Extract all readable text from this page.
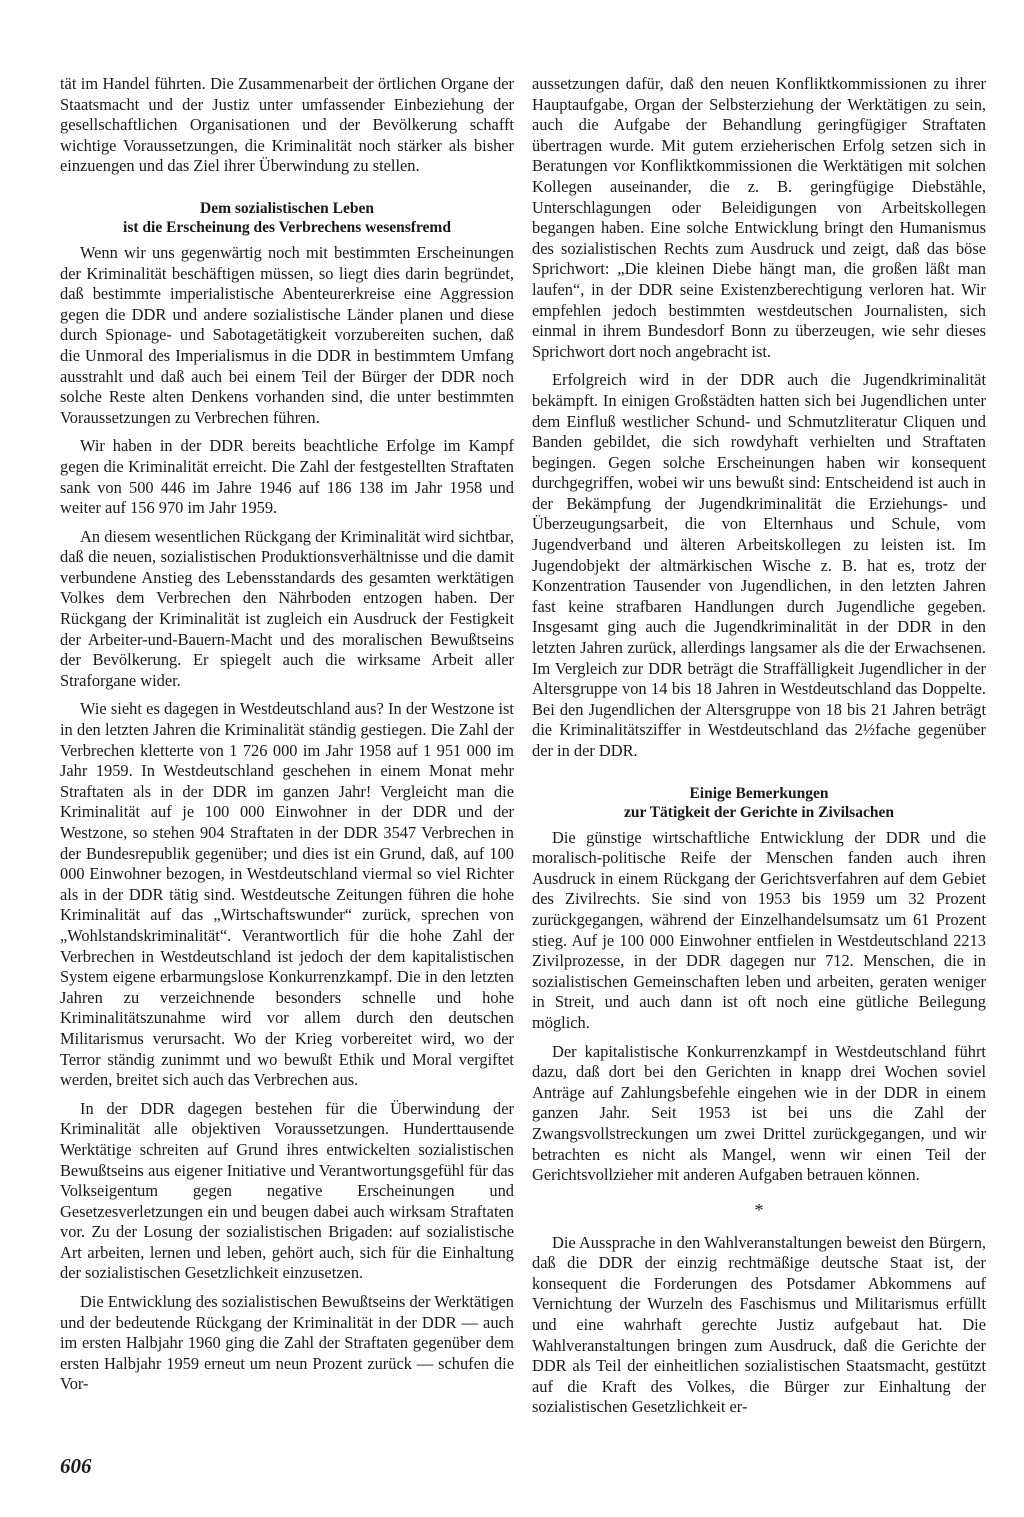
tät im Handel führten. Die Zusammenarbeit der örtlichen Organe der Staatsmacht und der Justiz unter umfassender Einbeziehung der gesellschaftlichen Organisationen und der Bevölkerung schafft wichtige Voraussetzungen, die Kriminalität noch stärker als bisher einzuengen und das Ziel ihrer Überwindung zu stellen.

Dem sozialistischen Leben
ist die Erscheinung des Verbrechens wesensfremd

Wenn wir uns gegenwärtig noch mit bestimmten Erscheinungen der Kriminalität beschäftigen müssen, so liegt dies darin begründet, daß bestimmte imperialistische Abenteurerkreise eine Aggression gegen die DDR und andere sozialistische Länder planen und diese durch Spionage- und Sabotagetätigkeit vorzubereiten suchen, daß die Unmoral des Imperialismus in die DDR in bestimmtem Umfang ausstrahlt und daß auch bei einem Teil der Bürger der DDR noch solche Reste alten Denkens vorhanden sind, die unter bestimmten Voraussetzungen zu Verbrechen führen.

Wir haben in der DDR bereits beachtliche Erfolge im Kampf gegen die Kriminalität erreicht. Die Zahl der festgestellten Straftaten sank von 500 446 im Jahre 1946 auf 186 138 im Jahr 1958 und weiter auf 156 970 im Jahr 1959.

An diesem wesentlichen Rückgang der Kriminalität wird sichtbar, daß die neuen, sozialistischen Produktionsverhältnisse und die damit verbundene Anstieg des Lebensstandards des gesamten werktätigen Volkes dem Verbrechen den Nährboden entzogen haben. Der Rückgang der Kriminalität ist zugleich ein Ausdruck der Festigkeit der Arbeiter-und-Bauern-Macht und des moralischen Bewußtseins der Bevölkerung. Er spiegelt auch die wirksame Arbeit aller Straforgane wider.

Wie sieht es dagegen in Westdeutschland aus? In der Westzone ist in den letzten Jahren die Kriminalität ständig gestiegen. Die Zahl der Verbrechen kletterte von 1 726 000 im Jahr 1958 auf 1 951 000 im Jahr 1959. In Westdeutschland geschehen in einem Monat mehr Straftaten als in der DDR im ganzen Jahr! Vergleicht man die Kriminalität auf je 100 000 Einwohner in der DDR und der Westzone, so stehen 904 Straftaten in der DDR 3547 Verbrechen in der Bundesrepublik gegenüber; und dies ist ein Grund, daß, auf 100 000 Einwohner bezogen, in Westdeutschland viermal so viel Richter als in der DDR tätig sind. Westdeutsche Zeitungen führen die hohe Kriminalität auf das „Wirtschaftswunder“ zurück, sprechen von „Wohlstandskriminalität“. Verantwortlich für die hohe Zahl der Verbrechen in Westdeutschland ist jedoch der dem kapitalistischen System eigene erbarmungslose Konkurrenzkampf. Die in den letzten Jahren zu verzeichnende besonders schnelle und hohe Kriminalitätszunahme wird vor allem durch den deutschen Militarismus verursacht. Wo der Krieg vorbereitet wird, wo der Terror ständig zunimmt und wo bewußt Ethik und Moral vergiftet werden, breitet sich auch das Verbrechen aus.

In der DDR dagegen bestehen für die Überwindung der Kriminalität alle objektiven Voraussetzungen. Hunderttausende Werktätige schreiten auf Grund ihres entwickelten sozialistischen Bewußtseins aus eigener Initiative und Verantwortungsgefühl für das Volkseigentum gegen negative Erscheinungen und Gesetzesverletzungen ein und beugen dabei auch wirksam Straftaten vor. Zu der Losung der sozialistischen Brigaden: auf sozialistische Art arbeiten, lernen und leben, gehört auch, sich für die Einhaltung der sozialistischen Gesetzlichkeit einzusetzen.

Die Entwicklung des sozialistischen Bewußtseins der Werktätigen und der bedeutende Rückgang der Kriminalität in der DDR — auch im ersten Halbjahr 1960 ging die Zahl der Straftaten gegenüber dem ersten Halbjahr 1959 erneut um neun Prozent zurück — schufen die Vor-

aussetzungen dafür, daß den neuen Konfliktkommissionen zu ihrer Hauptaufgabe, Organ der Selbsterziehung der Werktätigen zu sein, auch die Aufgabe der Behandlung geringfügiger Straftaten übertragen wurde. Mit gutem erzieherischen Erfolg setzen sich in Beratungen vor Konfliktkommissionen die Werktätigen mit solchen Kollegen auseinander, die z. B. geringfügige Diebstähle, Unterschlagungen oder Beleidigungen von Arbeitskollegen begangen haben. Eine solche Entwicklung bringt den Humanismus des sozialistischen Rechts zum Ausdruck und zeigt, daß das böse Sprichwort: „Die kleinen Diebe hängt man, die großen läßt man laufen“, in der DDR seine Existenzberechtigung verloren hat. Wir empfehlen jedoch bestimmten westdeutschen Journalisten, sich einmal in ihrem Bundesdorf Bonn zu überzeugen, wie sehr dieses Sprichwort dort noch angebracht ist.

Erfolgreich wird in der DDR auch die Jugendkriminalität bekämpft. In einigen Großstädten hatten sich bei Jugendlichen unter dem Einfluß westlicher Schund- und Schmutzliteratur Cliquen und Banden gebildet, die sich rowdyhaft verhielten und Straftaten begingen. Gegen solche Erscheinungen haben wir konsequent durchgegriffen, wobei wir uns bewußt sind: Entscheidend ist auch in der Bekämpfung der Jugendkriminalität die Erziehungs- und Überzeugungsarbeit, die von Elternhaus und Schule, vom Jugendverband und älteren Arbeitskollegen zu leisten ist. Im Jugendobjekt der altmärkischen Wische z. B. hat es, trotz der Konzentration Tausender von Jugendlichen, in den letzten Jahren fast keine strafbaren Handlungen durch Jugendliche gegeben. Insgesamt ging auch die Jugendkriminalität in der DDR in den letzten Jahren zurück, allerdings langsamer als die der Erwachsenen. Im Vergleich zur DDR beträgt die Straffälligkeit Jugendlicher in der Altersgruppe von 14 bis 18 Jahren in Westdeutschland das Doppelte. Bei den Jugendlichen der Altersgruppe von 18 bis 21 Jahren beträgt die Kriminalitätsziffer in Westdeutschland das 2½fache gegenüber der in der DDR.

Einige Bemerkungen
zur Tätigkeit der Gerichte in Zivilsachen

Die günstige wirtschaftliche Entwicklung der DDR und die moralisch-politische Reife der Menschen fanden auch ihren Ausdruck in einem Rückgang der Gerichtsverfahren auf dem Gebiet des Zivilrechts. Sie sind von 1953 bis 1959 um 32 Prozent zurückgegangen, während der Einzelhandelsumsatz um 61 Prozent stieg. Auf je 100 000 Einwohner entfielen in Westdeutschland 2213 Zivilprozesse, in der DDR dagegen nur 712. Menschen, die in sozialistischen Gemeinschaften leben und arbeiten, geraten weniger in Streit, und auch dann ist oft noch eine gütliche Beilegung möglich.

Der kapitalistische Konkurrenzkampf in Westdeutschland führt dazu, daß dort bei den Gerichten in knapp drei Wochen soviel Anträge auf Zahlungsbefehle eingehen wie in der DDR in einem ganzen Jahr. Seit 1953 ist bei uns die Zahl der Zwangsvollstreckungen um zwei Drittel zurückgegangen, und wir betrachten es nicht als Mangel, wenn wir einen Teil der Gerichtsvollzieher mit anderen Aufgaben betrauen können.

*

Die Aussprache in den Wahlveranstaltungen beweist den Bürgern, daß die DDR der einzig rechtmäßige deutsche Staat ist, der konsequent die Forderungen des Potsdamer Abkommens auf Vernichtung der Wurzeln des Faschismus und Militarismus erfüllt und eine wahrhaft gerechte Justiz aufgebaut hat. Die Wahlveranstaltungen bringen zum Ausdruck, daß die Gerichte der DDR als Teil der einheitlichen sozialistischen Staatsmacht, gestützt auf die Kraft des Volkes, die Bürger zur Einhaltung der sozialistischen Gesetzlichkeit er-

606
